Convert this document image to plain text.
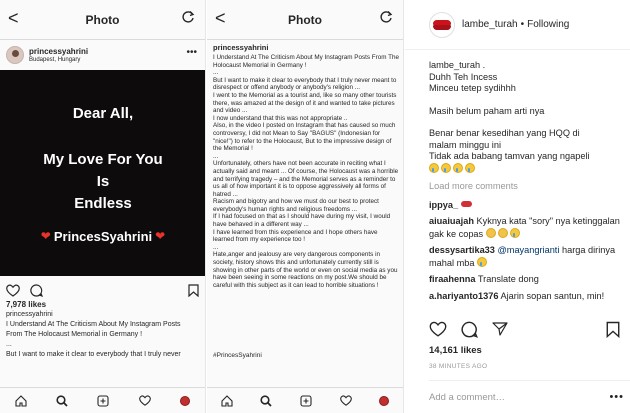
<	Photo
princessyahrini
Budapest, Hungary
•••
Dear All,
My Love For You
Is
Endless
❤ PrincesSyahrini ❤
7,978 likes

princessyahrini

I Understand At The Criticism About My Instagram Posts

From The Holocaust Memorial in Germany !

...

But I want to make it clear to everybody that I truly never

<	Photo
princessyahrini

I Understand At The Criticism About My Instagram Posts From The Holocaust Memorial in Germany !

...

But I want to make it clear to everybody that I truly never meant to disrespect or offend anybody or anybody's religion ...

I went to the Memorial as a tourist and, like so many other tourists there, was amazed at the design of it and wanted to take pictures and video ...

I now understand that this was not appropriate ..

Also, in the video I posted on Instagram that has caused so much controversy, I did not Mean to Say "BAGUS" (Indonesian for "nice!") to refer to the Holocaust, But to the impressive design of the Memorial !

...

Unfortunately, others have not been accurate in reciting what I actually said and meant ... Of course, the Holocaust was a horrible and terrifying tragedy – and the Memorial serves as a reminder to us all of how important it is to oppose aggressively all forms of hatred ...

Racism and bigotry and how we must do our best to protect everybody's human rights and religious freedoms ...

If I had focused on that as I should have during my visit, I would have behaved in a different way ...

I have learned from this experience and I hope others have learned from my experience too !

...

Hate,anger and jealousy are very dangerous components in society, history shows this and unfortunately currently still is showing in other parts of the world or even on social media as you have been seeing in some reactions on my post.We should be careful with this subject as it can lead to horrible situations !

#PrincesSyahrini
lambe_turah • Following
lambe_turah .
Duhh Teh Incess
Minceu tetep sydihhh
Masih belum paham arti nya
Benar benar kesedihan yang HQQ di
malam minggu ini
Tidak ada babang tamvan yang ngapeli
Load more comments
ippya_
aiuaiuajah Kyknya kata "sory" nya ketinggalan gak ke copas
dessysartika33 @mayangrianti harga dirinya mahal mba
firaahenna Translate dong
a.hariyanto1376 Ajarin sopan santun, min!
14,161 likes
38 MINUTES AGO
Add a comment…	•••
